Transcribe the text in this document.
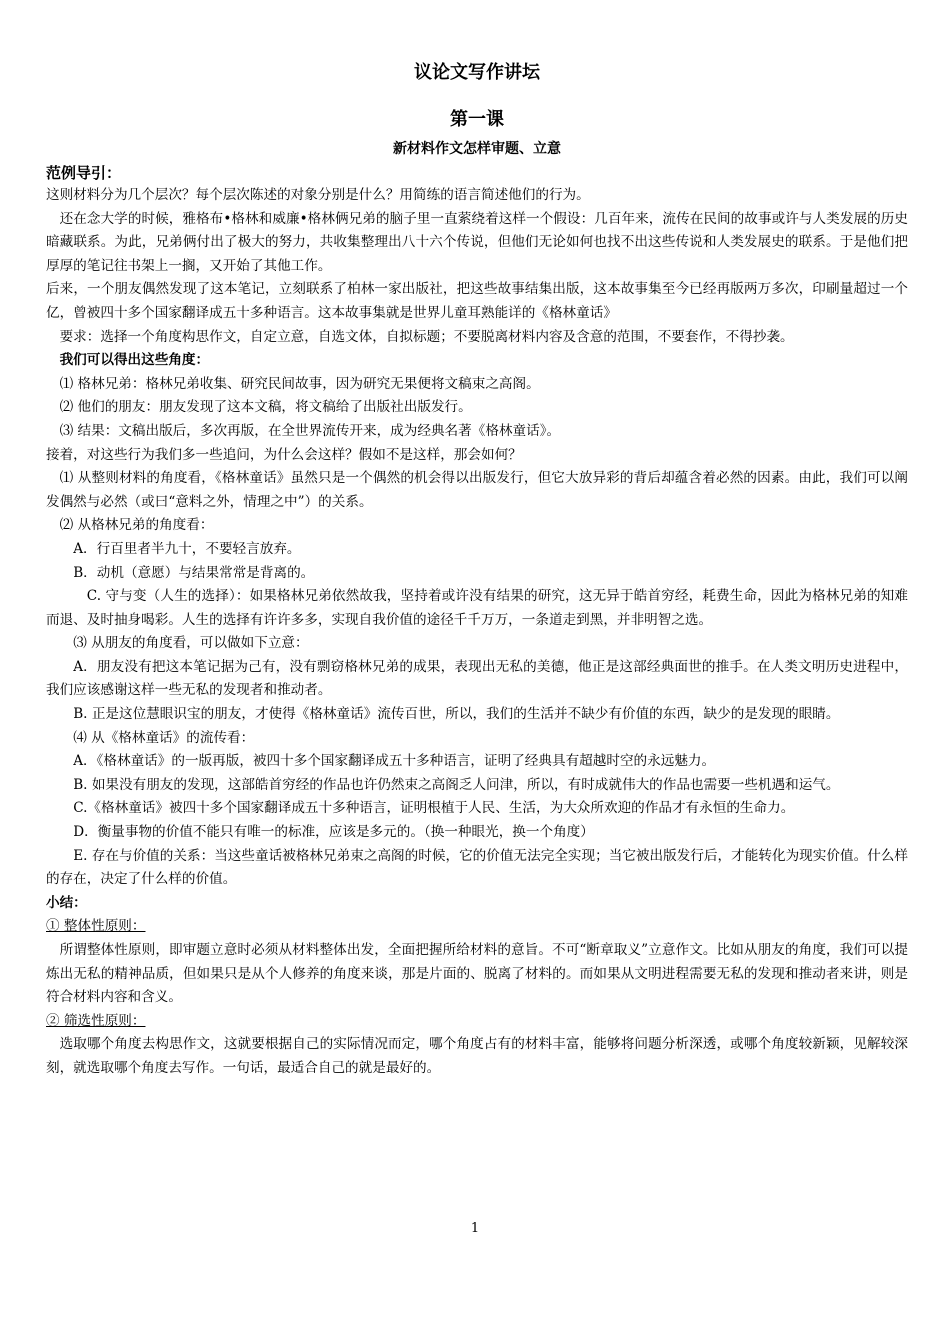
议论文写作讲坛
第一课
新材料作文怎样审题、立意
范例导引：

这则材料分为几个层次？每个层次陈述的对象分别是什么？用简练的语言简述他们的行为。

还在念大学的时候，雅格布•格林和威廉•格林俩兄弟的脑子里一直萦绕着这样一个假设：几百年来，流传在民间的故事或许与人类发展的历史暗藏联系。为此，兄弟俩付出了极大的努力，共收集整理出八十六个传说，但他们无论如何也找不出这些传说和人类发展史的联系。于是他们把厚厚的笔记往书架上一搁，又开始了其他工作。

后来，一个朋友偶然发现了这本笔记，立刻联系了柏林一家出版社，把这些故事结集出版，这本故事集至今已经再版两万多次，印刷量超过一个亿，曾被四十多个国家翻译成五十多种语言。这本故事集就是世界儿童耳熟能详的《格林童话》

要求：选择一个角度构思作文，自定立意，自选文体，自拟标题；不要脱离材料内容及含意的范围，不要套作，不得抄袭。

我们可以得出这些角度：

⑴ 格林兄弟：格林兄弟收集、研究民间故事，因为研究无果便将文稿束之高阁。

⑵ 他们的朋友：朋友发现了这本文稿，将文稿给了出版社出版发行。

⑶ 结果：文稿出版后，多次再版，在全世界流传开来，成为经典名著《格林童话》。

接着，对这些行为我们多一些追问，为什么会这样？假如不是这样，那会如何？

⑴ 从整则材料的角度看，《格林童话》虽然只是一个偶然的机会得以出版发行，但它大放异彩的背后却蕴含着必然的因素。由此，我们可以阐发偶然与必然（或曰“意料之外，情理之中”）的关系。

⑵ 从格林兄弟的角度看：

A．行百里者半九十，不要轻言放弃。

B．动机（意愿）与结果常常是背离的。

C. 守与变（人生的选择）：如果格林兄弟依然故我，坚持着或许没有结果的研究，这无异于皓首穷经，耗费生命，因此为格林兄弟的知难而退、及时抽身喝彩。人生的选择有许许多多，实现自我价值的途径千千万万，一条道走到黑，并非明智之选。

⑶ 从朋友的角度看，可以做如下立意：

A．朋友没有把这本笔记据为己有，没有剽窃格林兄弟的成果，表现出无私的美德，他正是这部经典面世的推手。在人类文明历史进程中，我们应该感谢这样一些无私的发现者和推动者。

B. 正是这位慧眼识宝的朋友，才使得《格林童话》流传百世，所以，我们的生活并不缺少有价值的东西，缺少的是发现的眼睛。

⑷ 从《格林童话》的流传看：

A．《格林童话》的一版再版，被四十多个国家翻译成五十多种语言，证明了经典具有超越时空的永远魅力。

B. 如果没有朋友的发现，这部皓首穷经的作品也许仍然束之高阁乏人问津，所以，有时成就伟大的作品也需要一些机遇和运气。

C.《格林童话》被四十多个国家翻译成五十多种语言，证明根植于人民、生活，为大众所欢迎的作品才有永恒的生命力。

D．衡量事物的价值不能只有唯一的标准，应该是多元的。（换一种眼光，换一个角度）

E. 存在与价值的关系：当这些童话被格林兄弟束之高阁的时候，它的价值无法完全实现；当它被出版发行后，才能转化为现实价值。什么样的存在，决定了什么样的价值。

小结：

① 整体性原则：

所谓整体性原则，即审题立意时必须从材料整体出发，全面把握所给材料的意旨。不可“断章取义”立意作文。比如从朋友的角度，我们可以提炼出无私的精神品质，但如果只是从个人修养的角度来谈，那是片面的、脱离了材料的。而如果从文明进程需要无私的发现和推动者来讲，则是符合材料内容和含义。

② 筛选性原则：

选取哪个角度去构思作文，这就要根据自己的实际情况而定，哪个角度占有的材料丰富，能够将问题分析深透，或哪个角度较新颖，见解较深刻，就选取哪个角度去写作。一句话，最适合自己的就是最好的。

1
